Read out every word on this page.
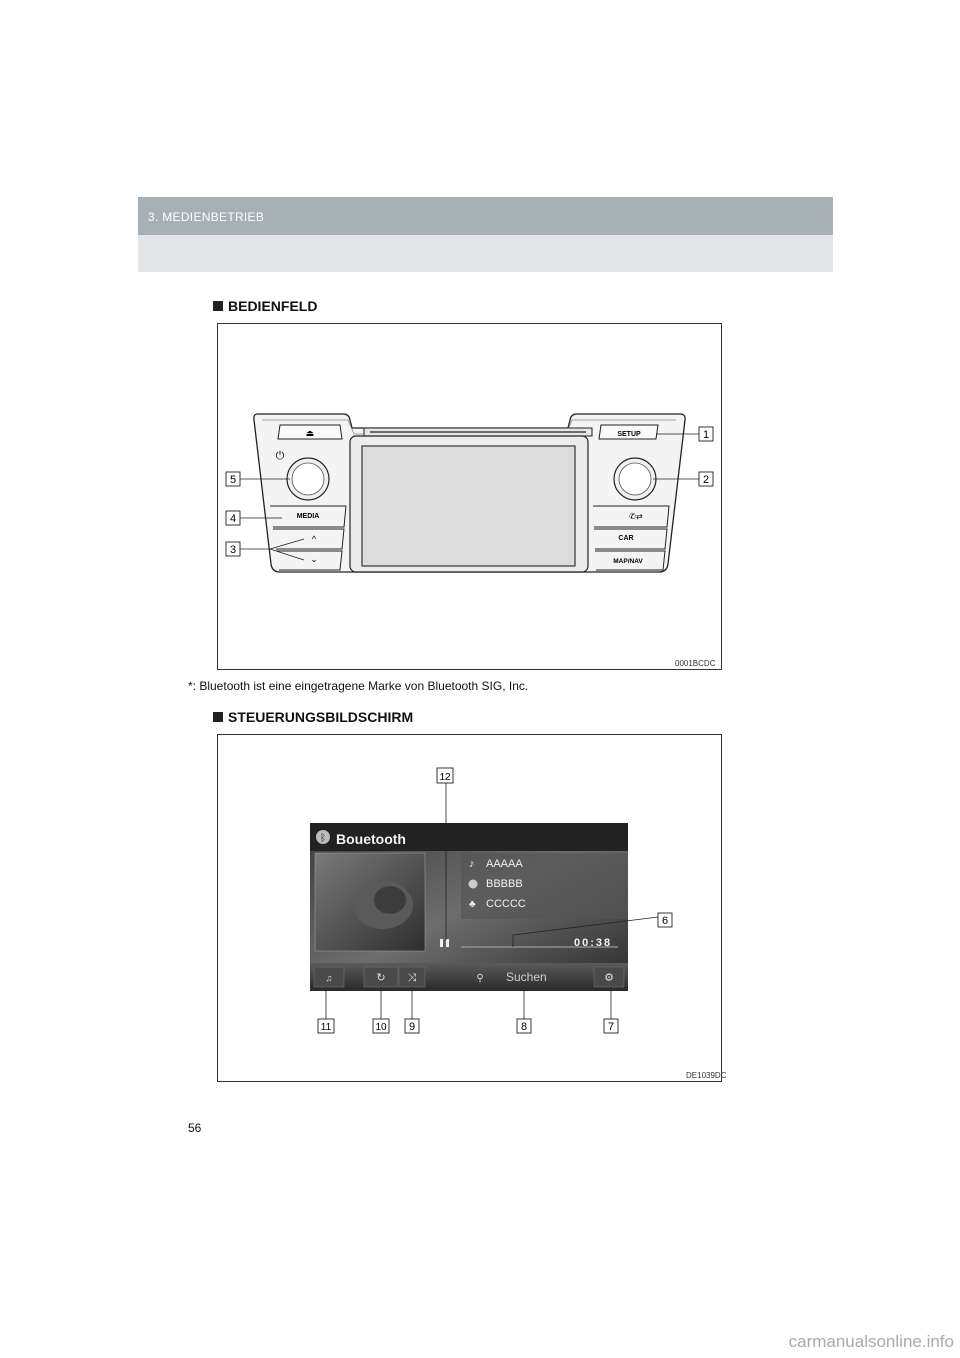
3. MEDIENBETRIEB
BEDIENFELD
⏏	SETUP
⏻
MEDIA
^
⌄
✆⇄
CAR
MAP/NAV
1
2
3
4
5
0001BCDC
*: Bluetooth ist eine eingetragene Marke von Bluetooth SIG, Inc.
STEUERUNGSBILDSCHIRM
ᛒ Bouetooth
♪
♣
AAAAA
BBBBB
CCCCC
00:38
♫	↻ ⤨	⚲ Suchen	⚙
12
6
7
8
9
10
11
DE1039DC
56
carmanualsonline.info
